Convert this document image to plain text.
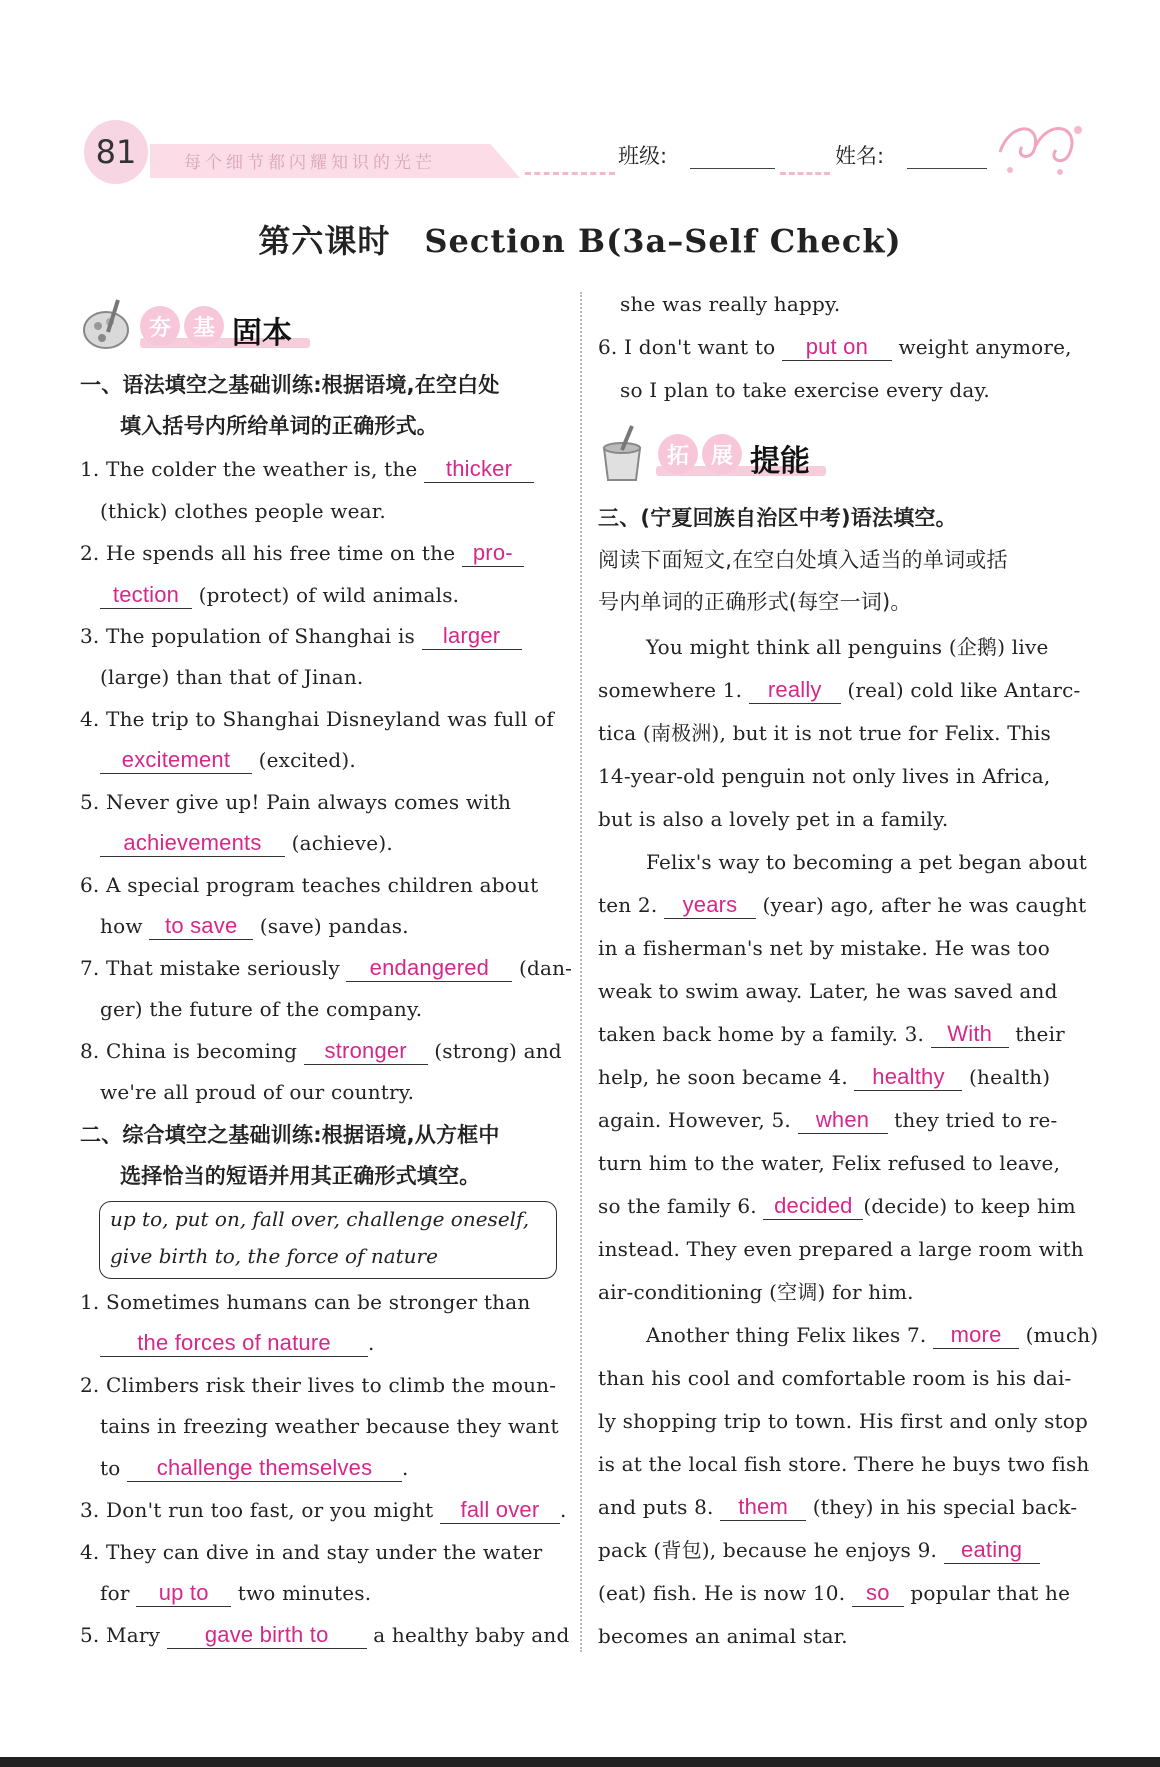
81	每个细节都闪耀知识的光芒	班级:	姓名:
第六课时 Section B(3a–Self Check)
夯 基 固本
一、语法填空之基础训练:根据语境,在空白处
填入括号内所给单词的正确形式。
1. The colder the weather is, the thicker
(thick) clothes people wear.
2. He spends all his free time on the pro-
tection (protect) of wild animals.
3. The population of Shanghai is larger
(large) than that of Jinan.
4. The trip to Shanghai Disneyland was full of
excitement (excited).
5. Never give up! Pain always comes with
achievements (achieve).
6. A special program teaches children about
how to save (save) pandas.
7. That mistake seriously endangered (dan-
ger) the future of the company.
8. China is becoming stronger (strong) and
we're all proud of our country.
二、综合填空之基础训练:根据语境,从方框中
选择恰当的短语并用其正确形式填空。
up to, put on, fall over, challenge oneself,
give birth to, the force of nature
1. Sometimes humans can be stronger than
the forces of nature .
2. Climbers risk their lives to climb the moun-
tains in freezing weather because they want
to challenge themselves .
3. Don't run too fast, or you might fall over .
4. They can dive in and stay under the water
for up to two minutes.
5. Mary gave birth to a healthy baby and
she was really happy.
6. I don't want to put on weight anymore,
so I plan to take exercise every day.
拓 展 提能
三、(宁夏回族自治区中考)语法填空。
阅读下面短文,在空白处填入适当的单词或括
号内单词的正确形式(每空一词)。
You might think all penguins (企鹅) live
somewhere 1. really (real) cold like Antarc-
tica (南极洲), but it is not true for Felix. This
14-year-old penguin not only lives in Africa,
but is also a lovely pet in a family.
Felix's way to becoming a pet began about
ten 2. years (year) ago, after he was caught
in a fisherman's net by mistake. He was too
weak to swim away. Later, he was saved and
taken back home by a family. 3. With their
help, he soon became 4. healthy (health)
again. However, 5. when they tried to re-
turn him to the water, Felix refused to leave,
so the family 6. decided (decide) to keep him
instead. They even prepared a large room with
air-conditioning (空调) for him.
Another thing Felix likes 7. more (much)
than his cool and comfortable room is his dai-
ly shopping trip to town. His first and only stop
is at the local fish store. There he buys two fish
and puts 8. them (they) in his special back-
pack (背包), because he enjoys 9. eating
(eat) fish. He is now 10. so popular that he
becomes an animal star.
